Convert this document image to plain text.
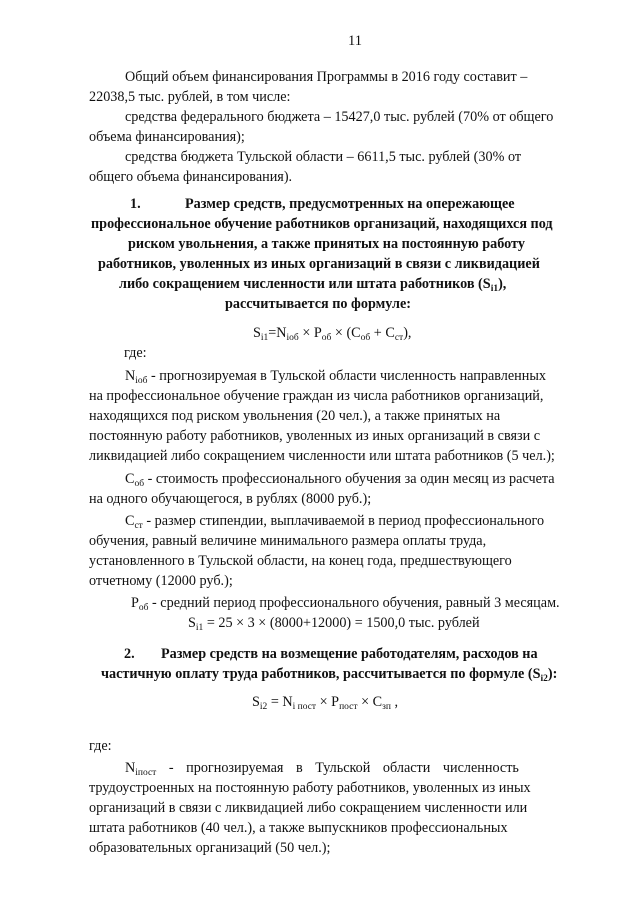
11

Общий объем финансирования Программы в 2016 году составит –

22038,5 тыс. рублей, в том числе:

средства федерального бюджета – 15427,0 тыс. рублей (70% от общего

объема финансирования);

средства бюджета Тульской области – 6611,5 тыс. рублей (30% от

общего объема финансирования).

1.	Размер средств, предусмотренных на опережающее

профессиональное обучение работников организаций, находящихся под

риском увольнения, а также принятых на постоянную работу

работников, уволенных из иных организаций в связи с ликвидацией

либо сокращением численности или штата работников $(S_{i1})$,

рассчитывается по формуле:

$S_{i1}=N_{iоб} \times P_{об} \times (C_{об} + C_{ст})$,

где:

$N_{iоб}$ - прогнозируемая в Тульской области численность направленных

на профессиональное обучение граждан из числа работников организаций,

находящихся под риском увольнения (20 чел.), а также принятых на

постоянную работу работников, уволенных из иных организаций в связи с

ликвидацией либо сокращением численности или штата работников (5 чел.);

$C_{об}$ - стоимость профессионального обучения за один месяц из расчета

на одного обучающегося, в рублях (8000 руб.);

$C_{ст}$ - размер стипендии, выплачиваемой в период профессионального

обучения, равный величине минимального размера оплаты труда,

установленного в Тульской области, на конец года, предшествующего

отчетному (12000 руб.);

$P_{об}$ - средний период профессионального обучения, равный 3 месяцам.

$S_{i1} = 25 \times 3 \times (8000+12000) = 1500,0$ тыс. рублей

2. Размер средств на возмещение работодателям, расходов на

частичную оплату труда работников, рассчитывается по формуле $(S_{i2})$:

$S_{i2} = N_{i пост} \times P_{пост} \times C_{зп}$ ,

где:

$N_{iпост}$ - прогнозируемая в Тульской области численность

трудоустроенных на постоянную работу работников, уволенных из иных

организаций в связи с ликвидацией либо сокращением численности или

штата работников (40 чел.), а также выпускников профессиональных

образовательных организаций (50 чел.);
